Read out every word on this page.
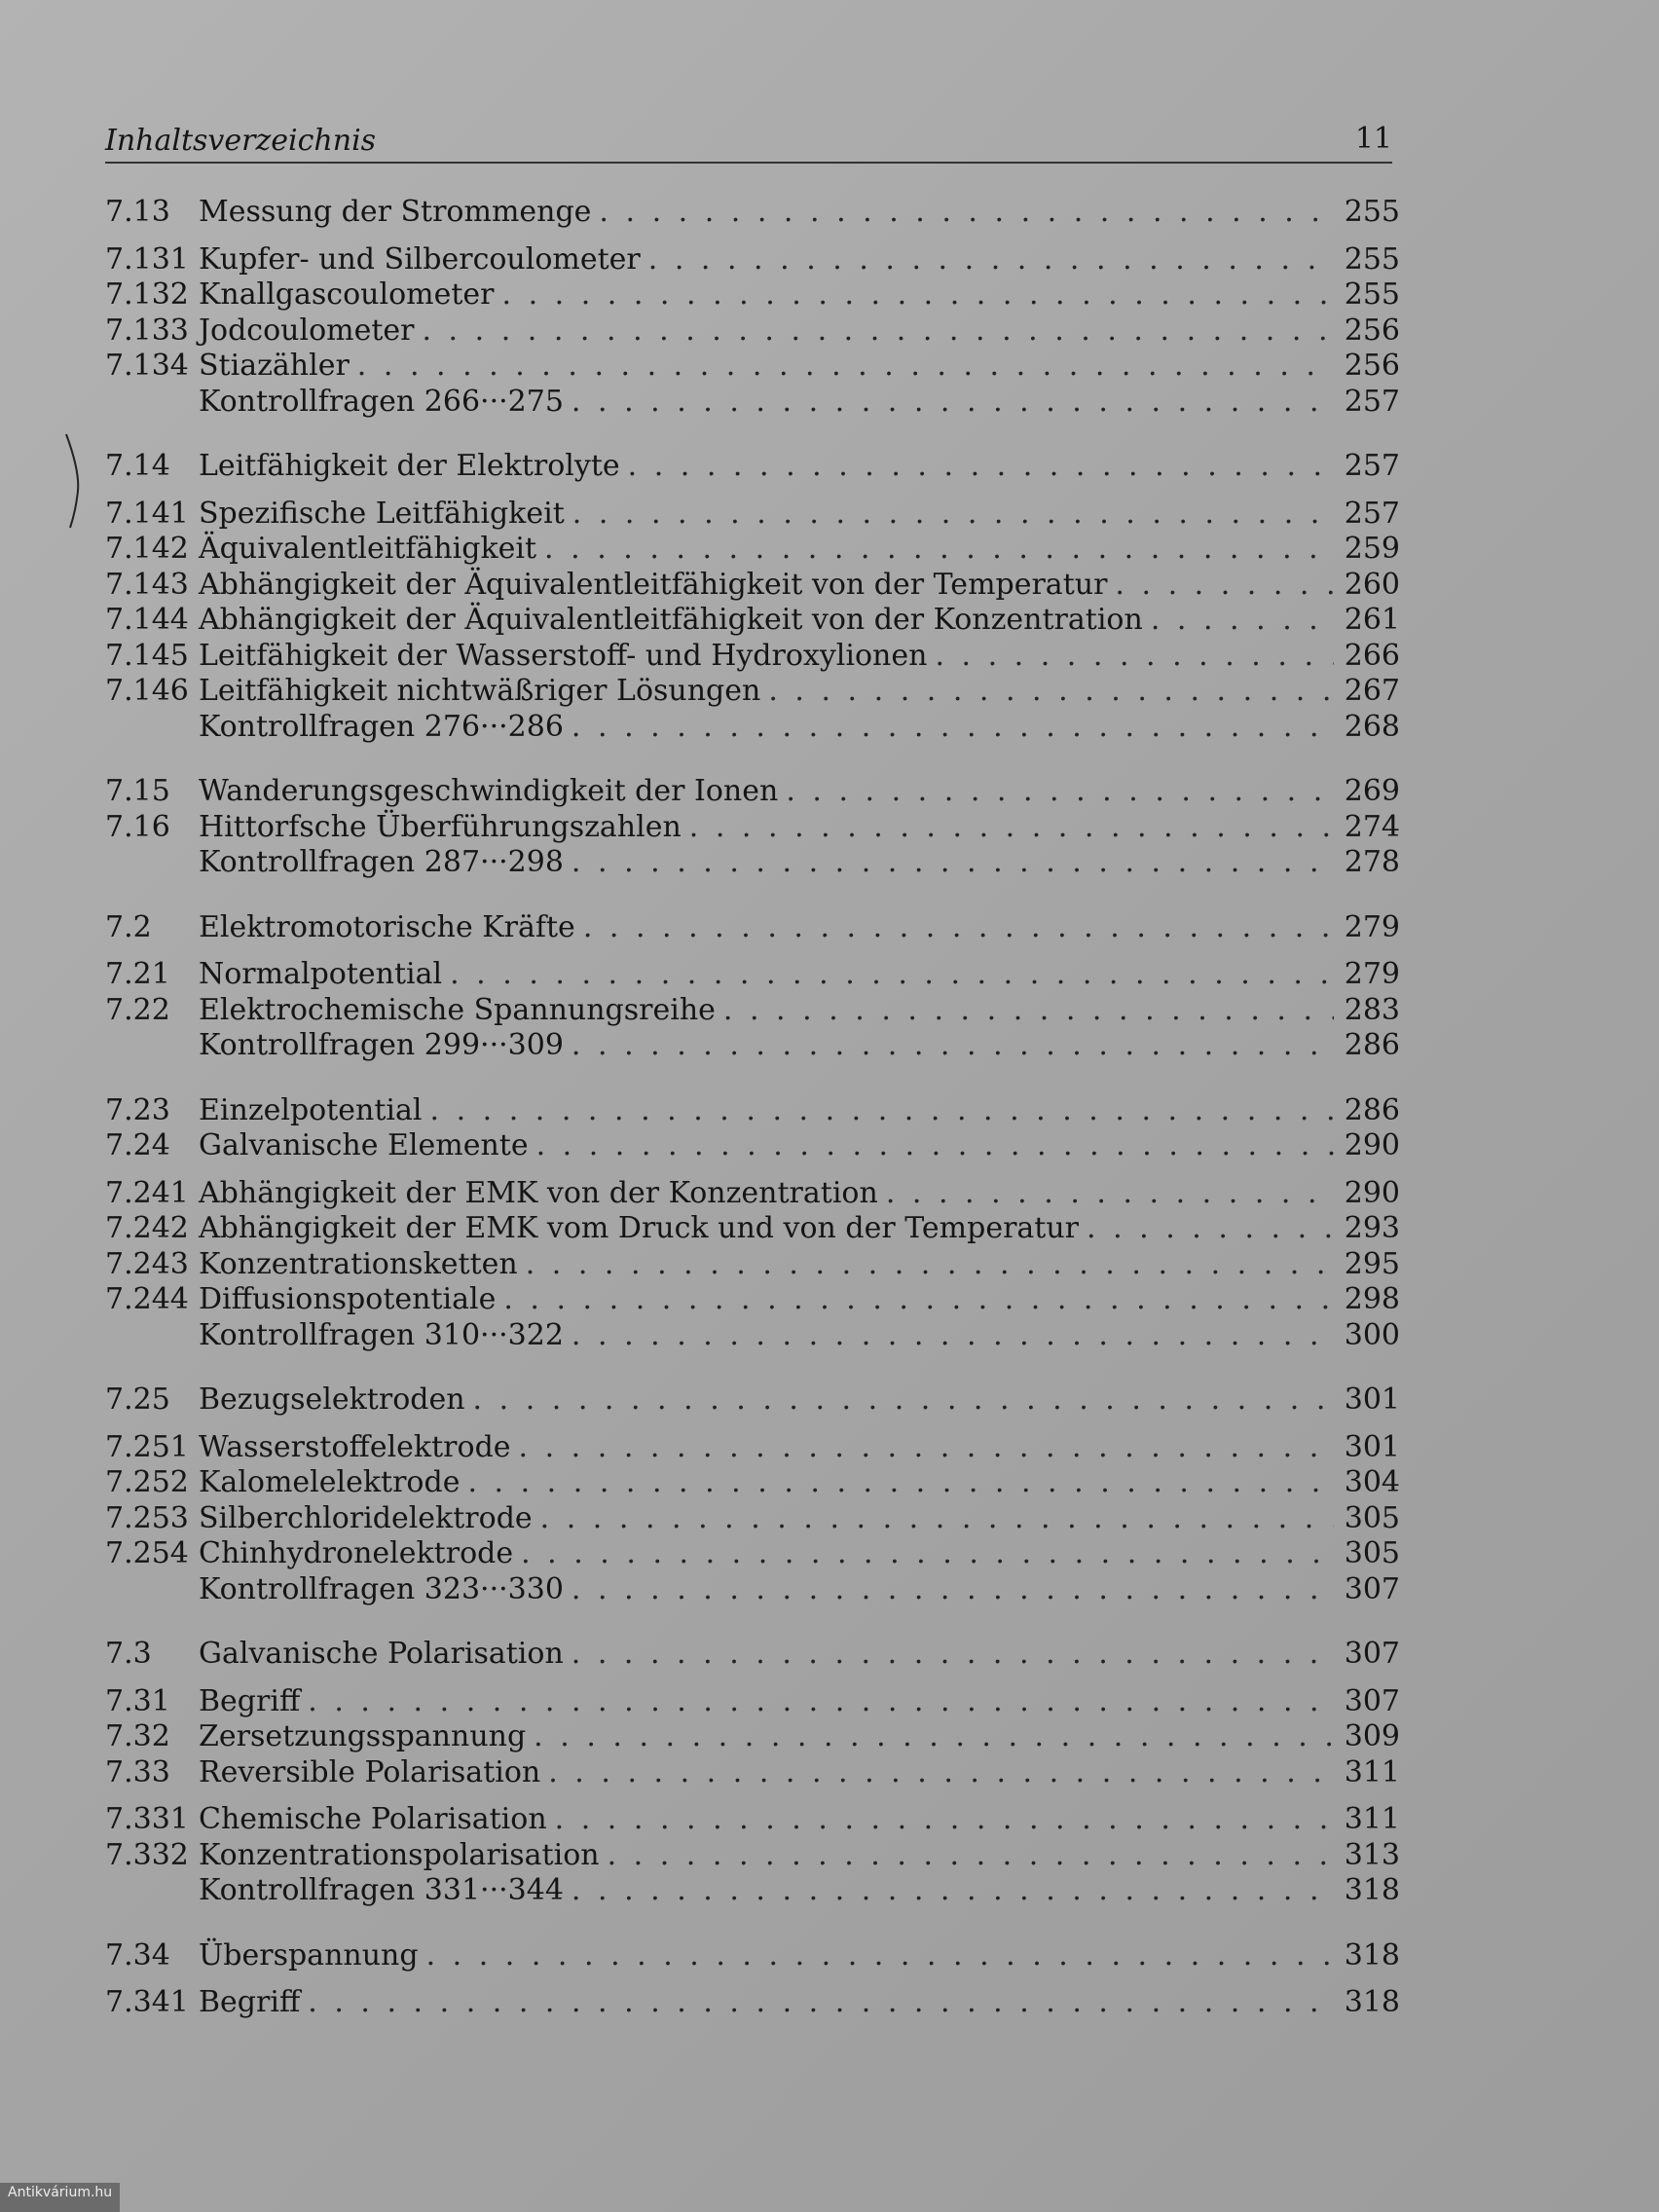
Inhaltsverzeichnis	11
7.13 Messung der Strommenge . . .	255
7.131 Kupfer- und Silbercoulometer . . .	255
7.132 Knallgascoulometer . . .	255
7.133 Jodcoulometer . . .	256
7.134 Stiazähler . . .	256
Kontrollfragen 266···275 . . .	257
7.14 Leitfähigkeit der Elektrolyte . . .	257
7.141 Spezifische Leitfähigkeit . . .	257
7.142 Äquivalentleitfähigkeit . . .	259
7.143 Abhängigkeit der Äquivalentleitfähigkeit von der Temperatur . . .	260
7.144 Abhängigkeit der Äquivalentleitfähigkeit von der Konzentration . . .	261
7.145 Leitfähigkeit der Wasserstoff- und Hydroxylionen . . .	266
7.146 Leitfähigkeit nichtwäßriger Lösungen . . .	267
Kontrollfragen 276···286 . . .	268
7.15 Wanderungsgeschwindigkeit der Ionen . . .	269
7.16 Hittorfsche Überführungszahlen . . .	274
Kontrollfragen 287···298 . . .	278
7.2	Elektromotorische Kräfte . . .	279
7.21 Normalpotential . . .	279
7.22 Elektrochemische Spannungsreihe . . .	283
Kontrollfragen 299···309 . . .	286
7.23 Einzelpotential . . .	286
7.24 Galvanische Elemente . . .	290
7.241 Abhängigkeit der EMK von der Konzentration . . .	290
7.242 Abhängigkeit der EMK vom Druck und von der Temperatur . . .	293
7.243 Konzentrationsketten . . .	295
7.244 Diffusionspotentiale . . .	298
Kontrollfragen 310···322 . . .	300
7.25 Bezugselektroden . . .	301
7.251 Wasserstoffelektrode . . .	301
7.252 Kalomelelektrode . . .	304
7.253 Silberchloridelektrode . . .	305
7.254 Chinhydronelektrode . . .	305
Kontrollfragen 323···330 . . .	307
7.3	Galvanische Polarisation . . .	307
7.31 Begriff . . .	307
7.32 Zersetzungsspannung . . .	309
7.33 Reversible Polarisation . . .	311
7.331 Chemische Polarisation . . .	311
7.332 Konzentrationspolarisation . . .	313
Kontrollfragen 331···344 . . .	318
7.34 Überspannung . . .	318
7.341 Begriff . . .	318
Antikvárium.hu
